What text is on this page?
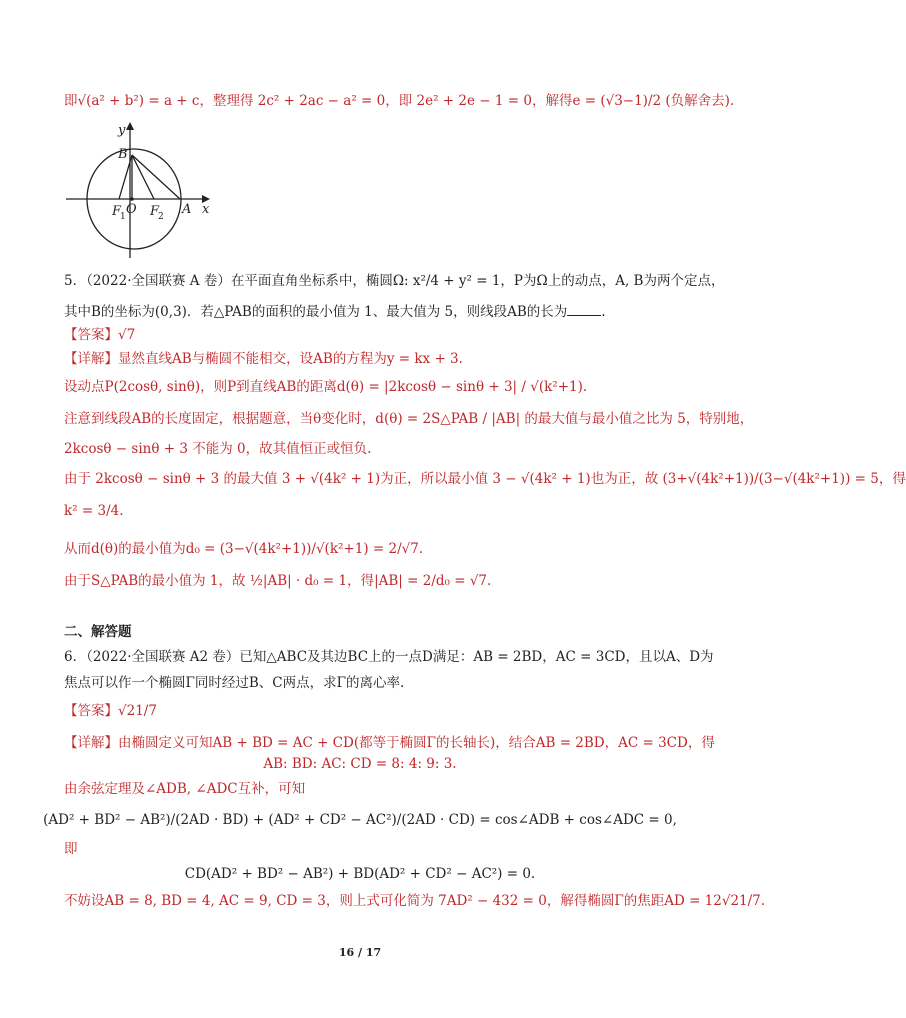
即√(a² + b²) = a + c，整理得 2c² + 2ac − a² = 0，即 2e² + 2e − 1 = 0，解得e = (√3−1)/2 (负解舍去).
y
x
B
F
1 O F
2 A
5．（2022·全国联赛 A 卷）在平面直角坐标系中，椭圆Ω: x²/4 + y² = 1，P为Ω上的动点，A, B为两个定点，
其中B的坐标为(0,3)．若△PAB的面积的最小值为 1、最大值为 5，则线段AB的长为	.
【答案】√7
【详解】显然直线AB与椭圆不能相交，设AB的方程为y = kx + 3.
设动点P(2cosθ, sinθ)，则P到直线AB的距离d(θ) = |2kcosθ − sinθ + 3| / √(k²+1).
注意到线段AB的长度固定，根据题意，当θ变化时，d(θ) = 2S△PAB / |AB| 的最大值与最小值之比为 5，特别地，
2kcosθ − sinθ + 3 不能为 0，故其值恒正或恒负.
由于 2kcosθ − sinθ + 3 的最大值 3 + √(4k² + 1)为正，所以最小值 3 − √(4k² + 1)也为正，故 (3+√(4k²+1))/(3−√(4k²+1)) = 5，得
k² = 3/4.
从而d(θ)的最小值为d₀ = (3−√(4k²+1))/√(k²+1) = 2/√7.
由于S△PAB的最小值为 1，故 ½|AB| · d₀ = 1，得|AB| = 2/d₀ = √7.
二、解答题
6．（2022·全国联赛 A2 卷）已知△ABC及其边BC上的一点D满足：AB = 2BD，AC = 3CD，且以A、D为
焦点可以作一个椭圆Γ同时经过B、C两点，求Γ的离心率.
【答案】√21/7
【详解】由椭圆定义可知AB + BD = AC + CD(都等于椭圆Γ的长轴长)，结合AB = 2BD，AC = 3CD，得
AB: BD: AC: CD = 8: 4: 9: 3.
由余弦定理及∠ADB, ∠ADC互补，可知
(AD² + BD² − AB²)/(2AD · BD) + (AD² + CD² − AC²)/(2AD · CD) = cos∠ADB + cos∠ADC = 0,
即
CD(AD² + BD² − AB²) + BD(AD² + CD² − AC²) = 0.
不妨设AB = 8, BD = 4, AC = 9, CD = 3，则上式可化简为 7AD² − 432 = 0，解得椭圆Γ的焦距AD = 12√21/7.
16 / 17
